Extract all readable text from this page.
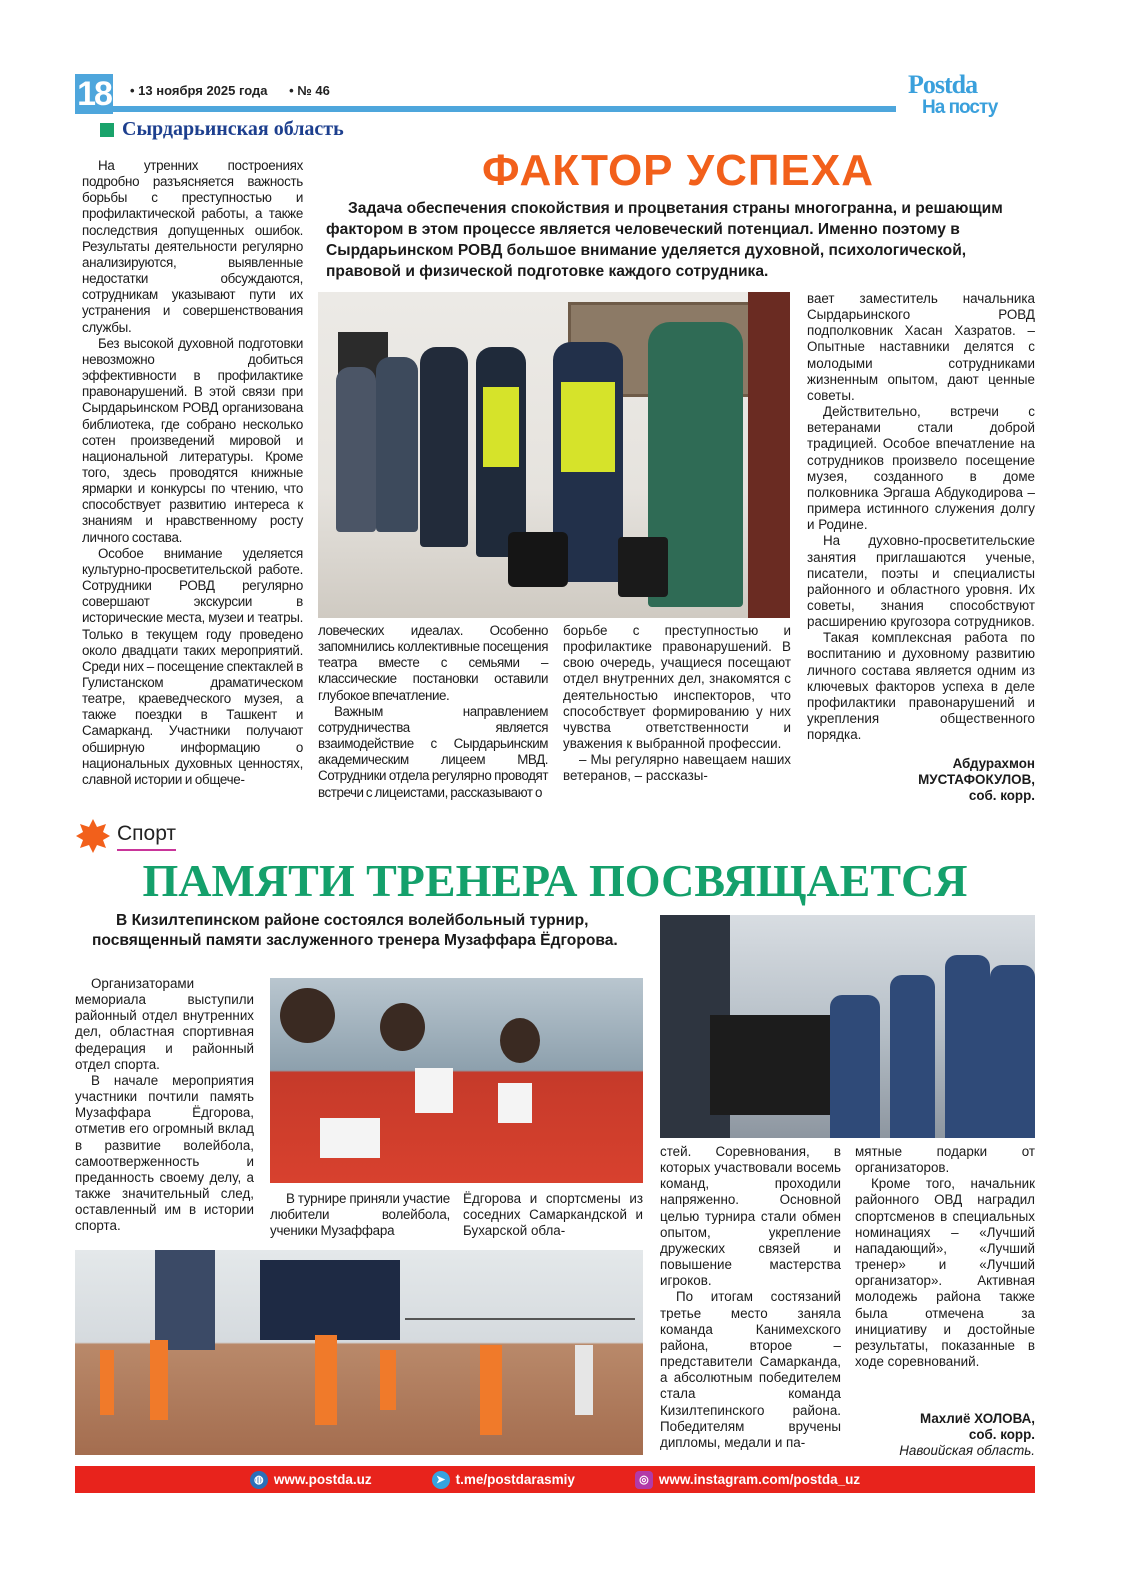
18 • 13 ноября 2025 года • № 46	Postda
На посту
Сырдарьинская область
ФАКТОР УСПЕХА
Задача обеспечения спокойствия и процветания страны многогранна, и решающим фактором в этом процессе является человеческий потенциал. Именно поэтому в Сырдарьинском РОВД большое внимание уделяется духовной, психологической, правовой и физической подготовке каждого сотрудника.

На утренних построениях подробно разъясняется важность борьбы с преступностью и профилактической работы, а также последствия допущенных ошибок. Результаты деятельности регулярно анализируются, выявленные недостатки обсуждаются, сотрудникам указывают пути их устранения и совершенствования службы.

Без высокой духовной подготовки невозможно добиться эффективности в профилактике правонарушений. В этой связи при Сырдарьинском РОВД организована библиотека, где собрано несколько сотен произведений мировой и национальной литературы. Кроме того, здесь проводятся книжные ярмарки и конкурсы по чтению, что способствует развитию интереса к знаниям и нравственному росту личного состава.

Особое внимание уделяется культурно-просветительской работе. Сотрудники РОВД регулярно совершают экскурсии в исторические места, музеи и театры. Только в текущем году проведено около двадцати таких мероприятий. Среди них – посещение спектаклей в Гулистанском драматическом театре, краеведческого музея, а также поездки в Ташкент и Самарканд. Участники получают обширную информацию о национальных духовных ценностях, славной истории и общече-

ловеческих идеалах. Особенно запомнились коллективные посещения театра вместе с семьями – классические постановки оставили глубокое впечатление.

Важным направлением сотрудничества является взаимодействие с Сырдарьинским академическим лицеем МВД. Сотрудники отдела регулярно проводят встречи с лицеистами, рассказывают о

борьбе с преступностью и профилактике правонарушений. В свою очередь, учащиеся посещают отдел внутренних дел, знакомятся с деятельностью инспекторов, что способствует формированию у них чувства ответственности и уважения к выбранной профессии.

– Мы регулярно навещаем наших ветеранов, – рассказы-

вает заместитель начальника Сырдарьинского РОВД подполковник Хасан Хазратов. – Опытные наставники делятся с молодыми сотрудниками жизненным опытом, дают ценные советы.

Действительно, встречи с ветеранами стали доброй традицией. Особое впечатление на сотрудников произвело посещение музея, созданного в доме полковника Эргаша Абдукодирова – примера истинного служения долгу и Родине.

На духовно-просветительские занятия приглашаются ученые, писатели, поэты и специалисты районного и областного уровня. Их советы, знания способствуют расширению кругозора сотрудников.

Такая комплексная работа по воспитанию и духовному развитию личного состава является одним из ключевых факторов успеха в деле профилактики правонарушений и укрепления общественного порядка.

Абдурахмон
МУСТАФОКУЛОВ,
соб. корр.
Спорт
ПАМЯТИ ТРЕНЕРА ПОСВЯЩАЕТСЯ
В Кизилтепинском районе состоялся волейбольный турнир, посвященный памяти заслуженного тренера Музаффара Ёдгорова.

Организаторами мемориала выступили районный отдел внутренних дел, областная спортивная федерация и районный отдел спорта.

В начале мероприятия участники почтили память Музаффара Ёдгорова, отметив его огромный вклад в развитие волейбола, самоотверженность и преданность своему делу, а также значительный след, оставленный им в истории спорта.

В турнире приняли участие любители волейбола, ученики Музаффара

Ёдгорова и спортсмены из соседних Самаркандской и Бухарской обла-

стей. Соревнования, в которых участвовали восемь команд, проходили напряженно. Основной целью турнира стали обмен опытом, укрепление дружеских связей и повышение мастерства игроков.

По итогам состязаний третье место заняла команда Канимехского района, второе – представители Самарканда, а абсолютным победителем стала команда Кизилтепинского района. Победителям вручены дипломы, медали и па-

мятные подарки от организаторов.

Кроме того, начальник районного ОВД наградил спортсменов в специальных номинациях – «Лучший нападающий», «Лучший тренер» и «Лучший организатор». Активная молодежь района также была отмечена за инициативу и достойные результаты, показанные в ходе соревнований.

Махлиё ХОЛОВА,
соб. корр.
Навоийская область.
◍ www.postda.uz	➤ t.me/postdarasmiy	◎ www.instagram.com/postda_uz
